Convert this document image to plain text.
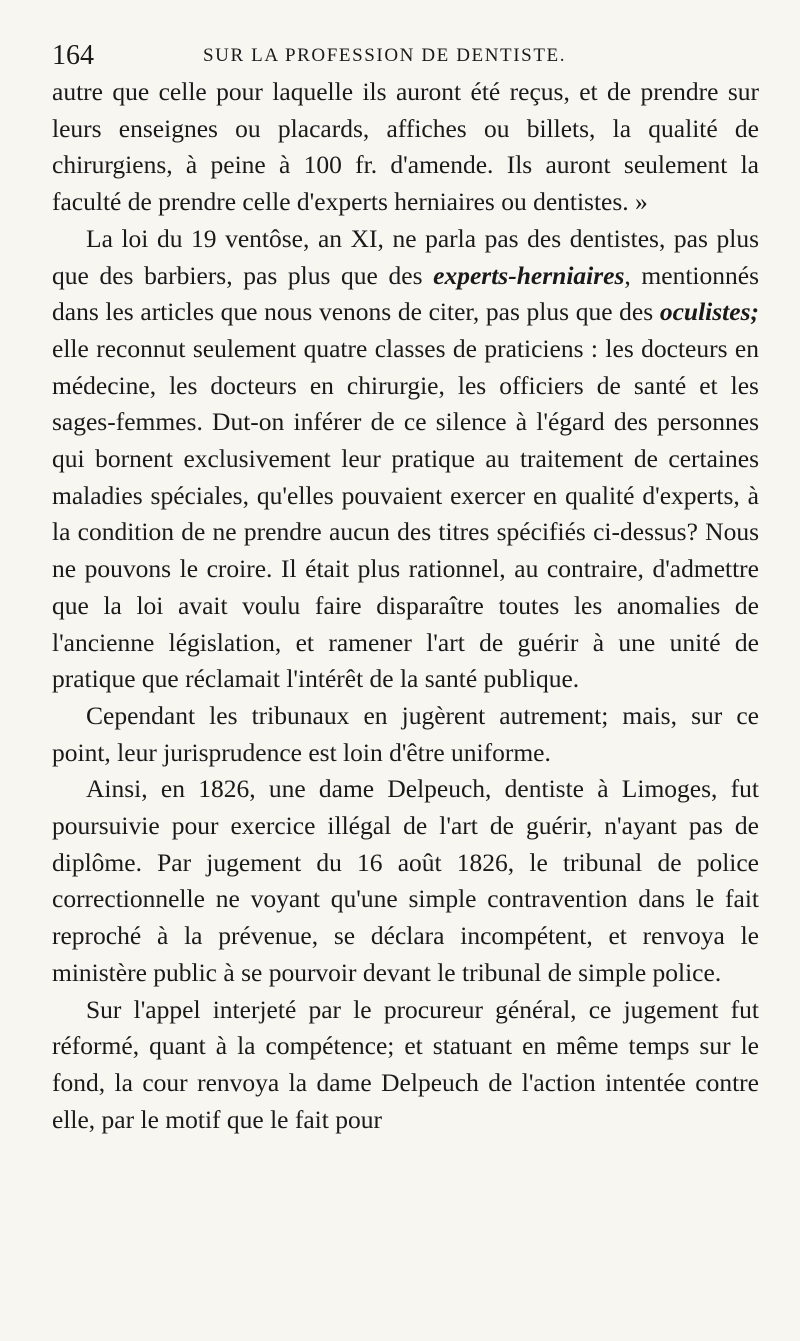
164	SUR LA PROFESSION DE DENTISTE.

autre que celle pour laquelle ils auront été reçus, et de prendre sur leurs enseignes ou placards, affiches ou billets, la qualité de chirurgiens, à peine à 100 fr. d'amende. Ils auront seulement la faculté de prendre celle d'experts herniaires ou dentistes. »

La loi du 19 ventôse, an XI, ne parla pas des dentistes, pas plus que des barbiers, pas plus que des experts-herniaires, mentionnés dans les articles que nous venons de citer, pas plus que des oculistes; elle reconnut seulement quatre classes de praticiens : les docteurs en médecine, les docteurs en chirurgie, les officiers de santé et les sages-femmes. Dut-on inférer de ce silence à l'égard des personnes qui bornent exclusivement leur pratique au traitement de certaines maladies spéciales, qu'elles pouvaient exercer en qualité d'experts, à la condition de ne prendre aucun des titres spécifiés ci-dessus? Nous ne pouvons le croire. Il était plus rationnel, au contraire, d'admettre que la loi avait voulu faire disparaître toutes les anomalies de l'ancienne législation, et ramener l'art de guérir à une unité de pratique que réclamait l'intérêt de la santé publique.

Cependant les tribunaux en jugèrent autrement; mais, sur ce point, leur jurisprudence est loin d'être uniforme.

Ainsi, en 1826, une dame Delpeuch, dentiste à Limoges, fut poursuivie pour exercice illégal de l'art de guérir, n'ayant pas de diplôme. Par jugement du 16 août 1826, le tribunal de police correctionnelle ne voyant qu'une simple contravention dans le fait reproché à la prévenue, se déclara incompétent, et renvoya le ministère public à se pourvoir devant le tribunal de simple police.

Sur l'appel interjeté par le procureur général, ce jugement fut réformé, quant à la compétence; et statuant en même temps sur le fond, la cour renvoya la dame Delpeuch de l'action intentée contre elle, par le motif que le fait pour
